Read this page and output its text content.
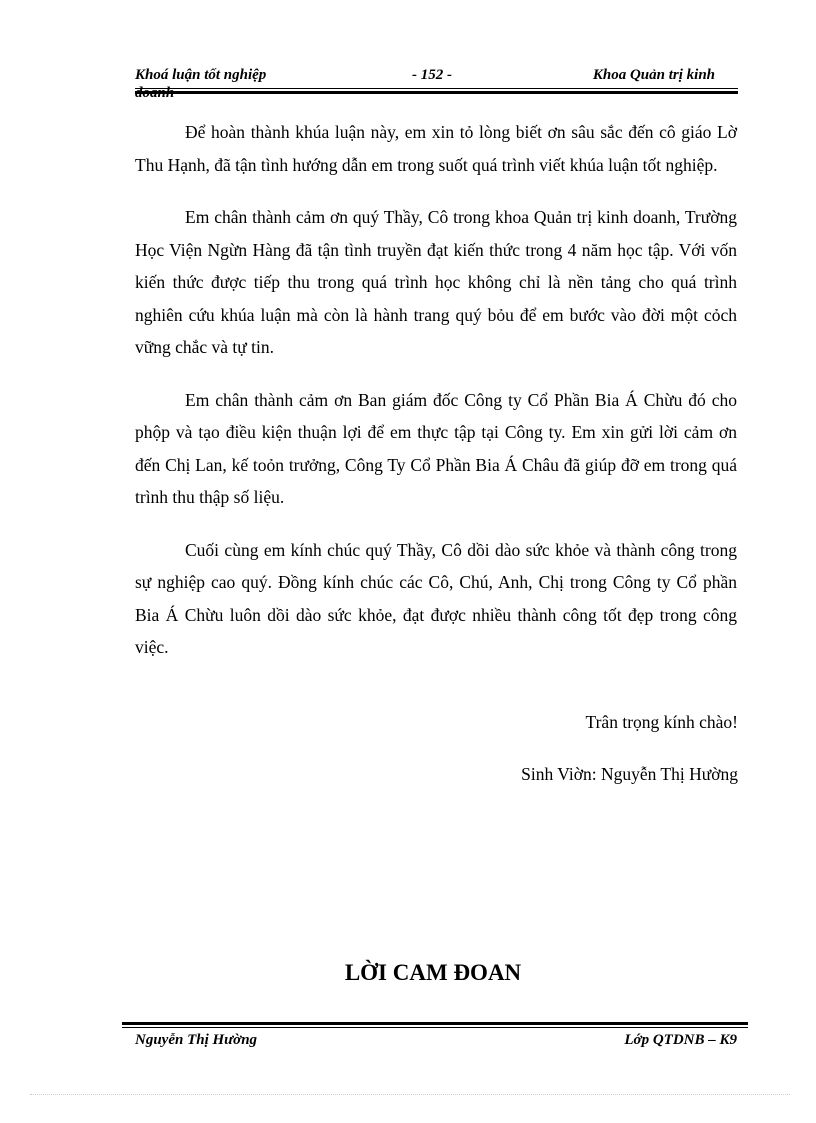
Khoá luận tốt nghiệp
doanh
- 152 -	Khoa Quản trị kinh

Để hoàn thành khúa luận này, em xin tỏ lòng biết ơn sâu sắc đến cô giáo Lờ Thu Hạnh, đã tận tình hướng dẫn em trong suốt quá trình viết khúa luận tốt nghiệp.

Em chân thành cảm ơn quý Thầy, Cô trong khoa Quản trị kinh doanh, Trường Học Viện Ngừn Hàng đã tận tình truyền đạt kiến thức trong 4 năm học tập. Với vốn kiến thức được tiếp thu trong quá trình học không chỉ là nền tảng cho quá trình nghiên cứu khúa luận mà còn là hành trang quý bỏu để em bước vào đời một cỏch vững chắc và tự tin.

Em chân thành cảm ơn Ban giám đốc Công ty Cổ Phần Bia Á Chừu đó cho phộp và tạo điều kiện thuận lợi để em thực tập tại Công ty. Em xin gửi lời cảm ơn đến Chị Lan, kế toỏn trưởng, Công Ty Cổ Phần Bia Á Châu đã giúp đỡ em trong quá trình thu thập số liệu.

Cuối cùng em kính chúc quý Thầy, Cô dồi dào sức khỏe và thành công trong sự nghiệp cao quý. Đồng kính chúc các Cô, Chú, Anh, Chị trong Công ty Cổ phần Bia Á Chừu luôn dồi dào sức khỏe, đạt được nhiều thành công tốt đẹp trong công việc.

Trân trọng kính chào!
Sinh Viờn: Nguyễn Thị Hường
LỜI CAM ĐOAN
Nguyễn Thị Hường	Lớp QTDNB – K9
